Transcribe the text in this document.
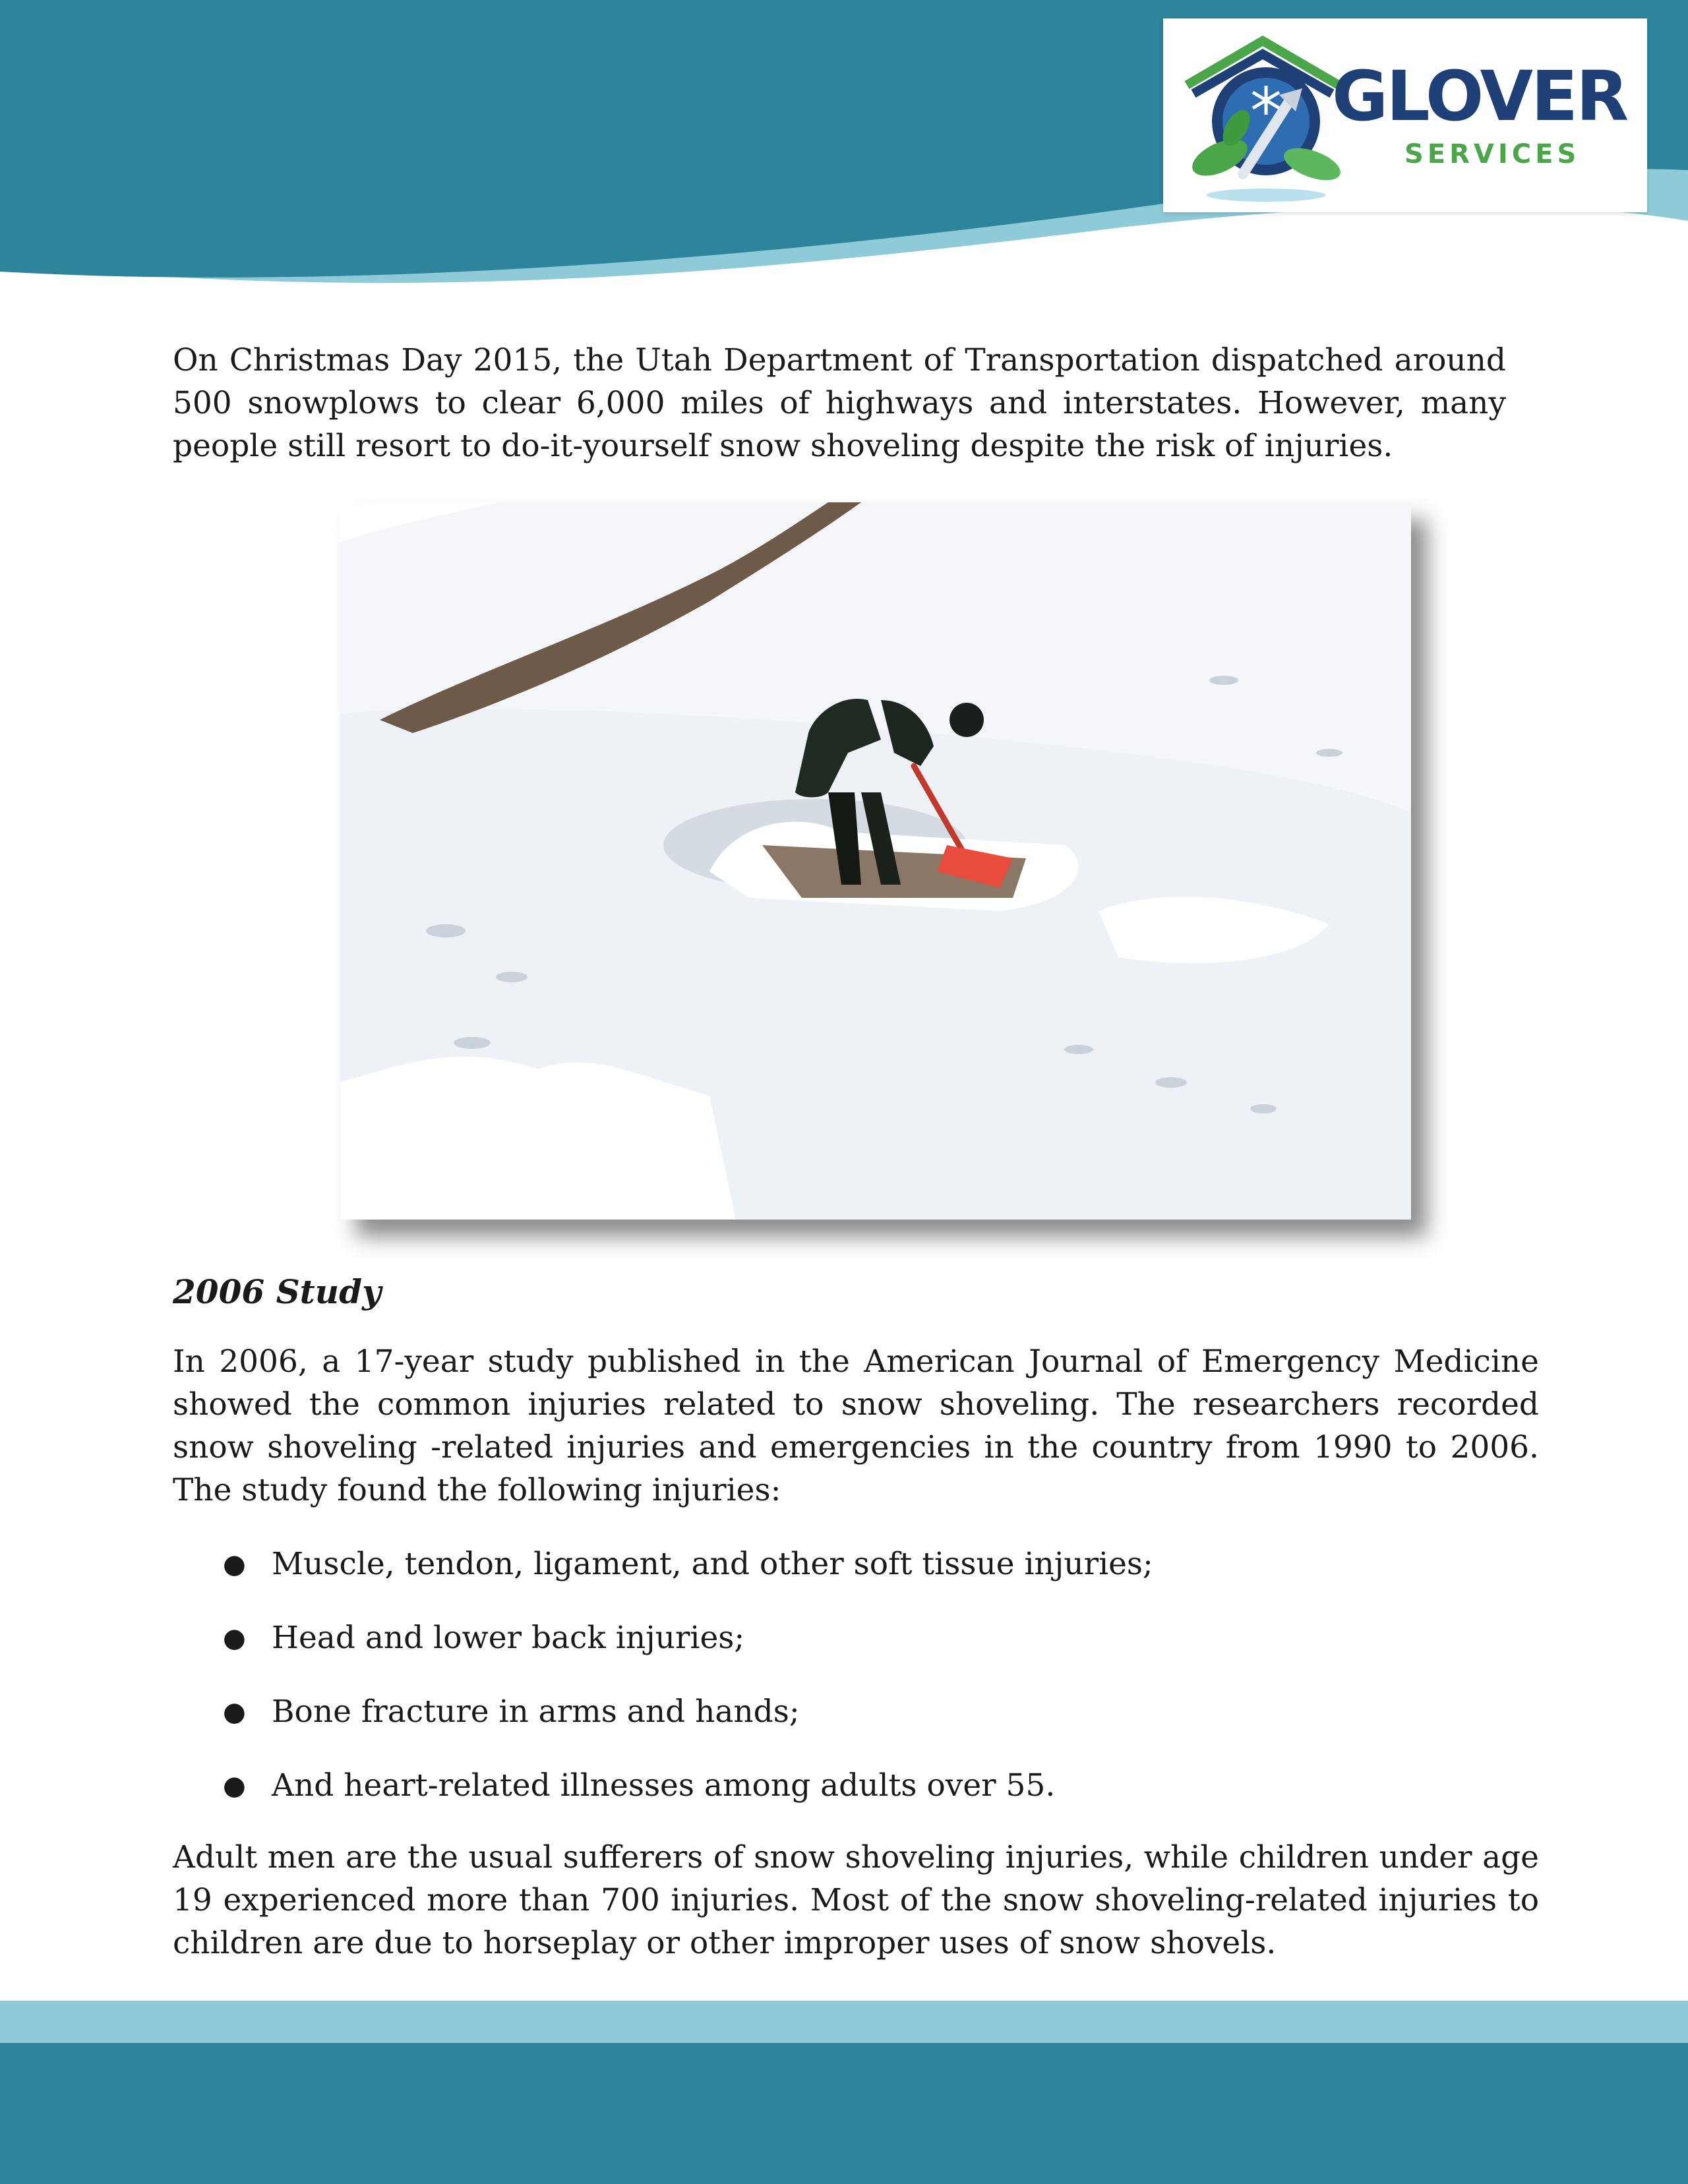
GLOVER
SERVICES

On Christmas Day 2015, the Utah Department of Transportation dispatched around 500 snowplows to clear 6,000 miles of highways and interstates. However, many people still resort to do-it-yourself snow shoveling despite the risk of injuries.

2006 Study

In 2006, a 17-year study published in the American Journal of Emergency Medicine showed the common injuries related to snow shoveling. The researchers recorded snow shoveling -related injuries and emergencies in the country from 1990 to 2006. The study found the following injuries:

● Muscle, tendon, ligament, and other soft tissue injuries;
● Head and lower back injuries;
● Bone fracture in arms and hands;
● And heart-related illnesses among adults over 55.

Adult men are the usual sufferers of snow shoveling injuries, while children under age 19 experienced more than 700 injuries. Most of the snow shoveling-related injuries to children are due to horseplay or other improper uses of snow shovels.
